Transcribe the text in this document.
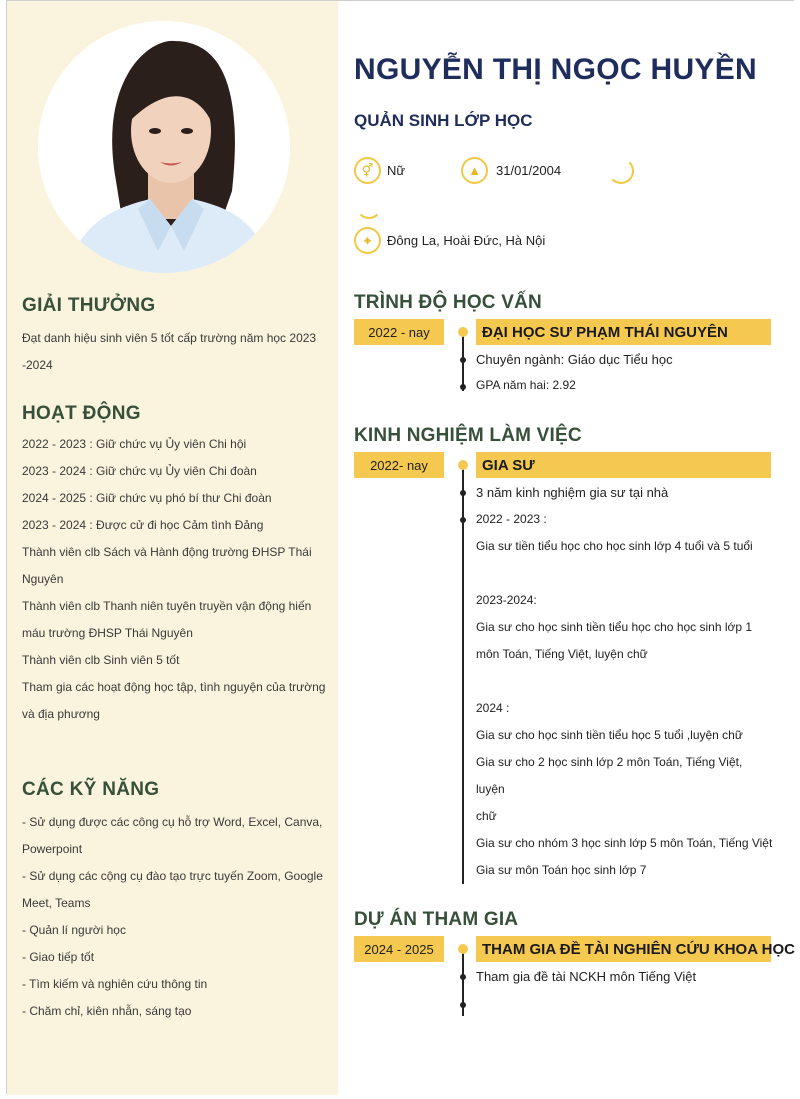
GIẢI THƯỞNG
Đạt danh hiệu sinh viên 5 tốt cấp trường năm học 2023
-2024
HOẠT ĐỘNG
2022 - 2023 : Giữ chức vụ Ủy viên Chi hội
2023 - 2024 : Giữ chức vụ Ủy viên Chi đoàn
2024 - 2025 : Giữ chức vụ phó bí thư Chi đoàn
2023 - 2024 : Được cử đi học Cảm tình Đảng
Thành viên clb Sách và Hành động trường ĐHSP Thái
Nguyên
Thành viên clb Thanh niên tuyên truyền vận động hiến
máu trường ĐHSP Thái Nguyên
Thành viên clb Sinh viên 5 tốt
Tham gia các hoạt động học tập, tình nguyện của trường
và địa phương
CÁC KỸ NĂNG
- Sử dụng được các công cụ hỗ trợ Word, Excel, Canva,
Powerpoint
- Sử dụng các cộng cụ đào tạo trực tuyến Zoom, Google
Meet, Teams
- Quản lí người học
- Giao tiếp tốt
- Tìm kiếm và nghiên cứu thông tin
- Chăm chỉ, kiên nhẫn, sáng tạo
NGUYỄN THỊ NGỌC HUYỀN
QUẢN SINH LỚP HỌC
⚥	Nữ	▲	31/01/2004
⌖	Đông La, Hoài Đức, Hà Nội
TRÌNH ĐỘ HỌC VẤN
2022 - nay	ĐẠI HỌC SƯ PHẠM THÁI NGUYÊN
Chuyên ngành: Giáo dục Tiểu học
GPA năm hai: 2.92
KINH NGHIỆM LÀM VIỆC
2022- nay	GIA SƯ
3 năm kinh nghiệm gia sư tại nhà
2022 - 2023 :
Gia sư tiền tiểu học cho học sinh lớp 4 tuổi và 5 tuổi
2023-2024:
Gia sư cho học sinh tiền tiểu học cho học sinh lớp 1
môn Toán, Tiếng Việt, luyện chữ
2024 :
Gia sư cho học sinh tiền tiểu học 5 tuổi ,luyện chữ
Gia sư cho 2 học sinh lớp 2 môn Toán, Tiếng Việt, luyện
chữ
Gia sư cho nhóm 3 học sinh lớp 5 môn Toán, Tiếng Việt
Gia sư môn Toán học sinh lớp 7
DỰ ÁN THAM GIA
2024 - 2025	THAM GIA ĐỀ TÀI NGHIÊN CỨU KHOA HỌC
Tham gia đề tài NCKH môn Tiếng Việt
